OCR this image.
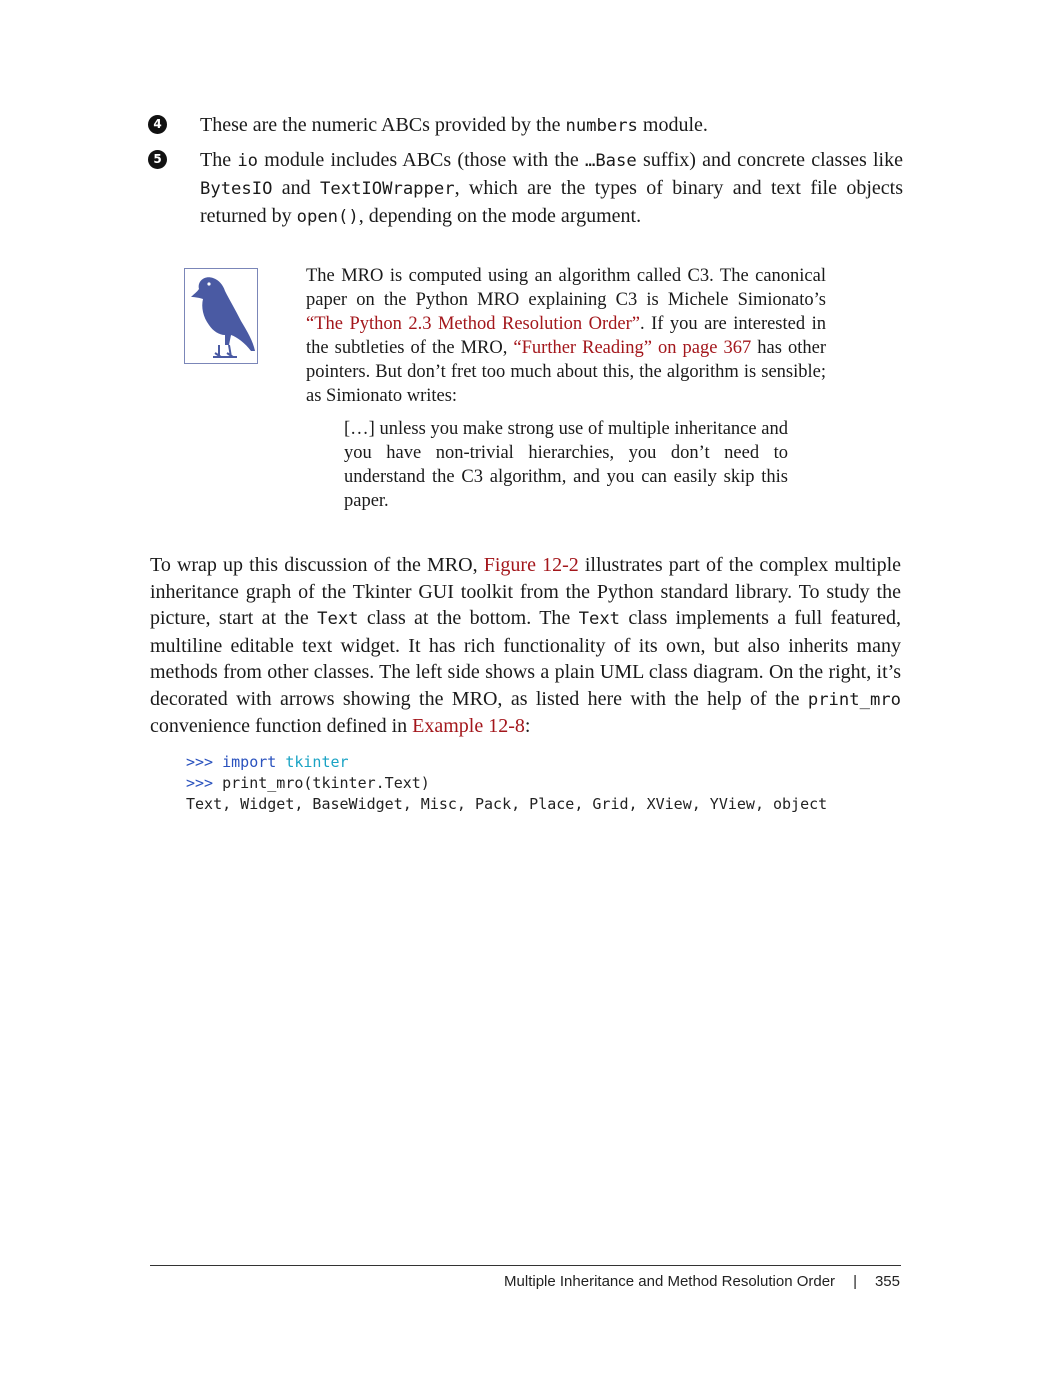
4 These are the numeric ABCs provided by the numbers module.
5 The io module includes ABCs (those with the …Base suffix) and concrete classes like BytesIO and TextIOWrapper, which are the types of binary and text file objects returned by open(), depending on the mode argument.
The MRO is computed using an algorithm called C3. The canonical paper on the Python MRO explaining C3 is Michele Simionato’s “The Python 2.3 Method Resolution Order”. If you are interested in the subtleties of the MRO, “Further Reading” on page 367 has other pointers. But don’t fret too much about this, the algorithm is sensible; as Simionato writes:
[…] unless you make strong use of multiple inheritance and you have non-trivial hierarchies, you don’t need to understand the C3 algorithm, and you can easily skip this paper.
To wrap up this discussion of the MRO, Figure 12-2 illustrates part of the complex multiple inheritance graph of the Tkinter GUI toolkit from the Python standard library. To study the picture, start at the Text class at the bottom. The Text class implements a full featured, multiline editable text widget. It has rich functionality of its own, but also inherits many methods from other classes. The left side shows a plain UML class diagram. On the right, it’s decorated with arrows showing the MRO, as listed here with the help of the print_mro convenience function defined in Example 12-8:
>>> import tkinter
>>> print_mro(tkinter.Text)
Text, Widget, BaseWidget, Misc, Pack, Place, Grid, XView, YView, object
Multiple Inheritance and Method Resolution Order | 355
